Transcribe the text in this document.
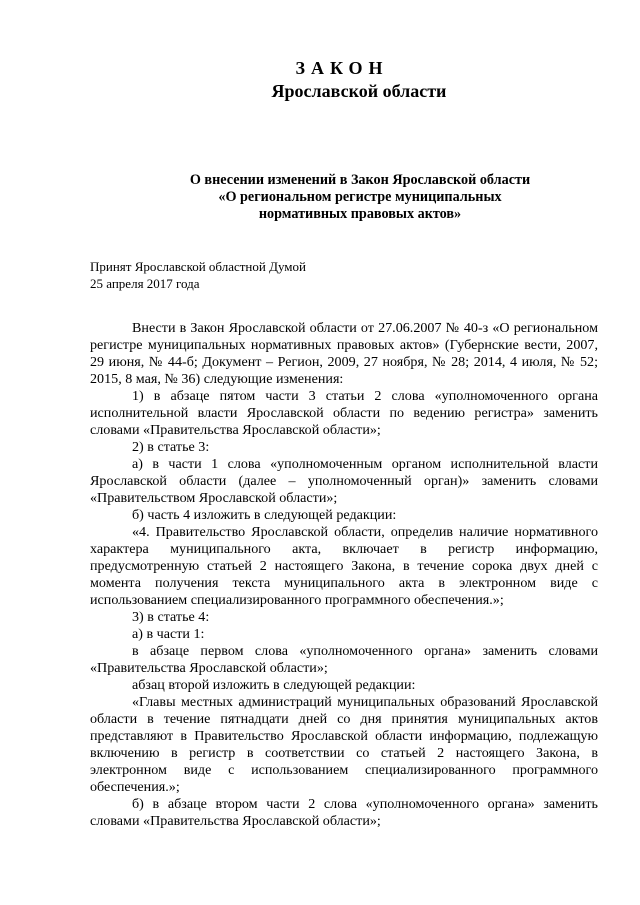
ЗАКОН
Ярославской области
О внесении изменений в Закон Ярославской области
«О региональном регистре муниципальных
нормативных правовых актов»
Принят Ярославской областной Думой
25 апреля 2017 года

Внести в Закон Ярославской области от 27.06.2007 № 40-з «О региональном регистре муниципальных нормативных правовых актов» (Губернские вести, 2007, 29 июня, № 44-б; Документ – Регион, 2009, 27 ноября, № 28; 2014, 4 июля, № 52; 2015, 8 мая, № 36) следующие изменения:

1) в абзаце пятом части 3 статьи 2 слова «уполномоченного органа исполнительной власти Ярославской области по ведению регистра» заменить словами «Правительства Ярославской области»;

2) в статье 3:

а) в части 1 слова «уполномоченным органом исполнительной власти Ярославской области (далее – уполномоченный орган)» заменить словами «Правительством Ярославской области»;

б) часть 4 изложить в следующей редакции:

«4. Правительство Ярославской области, определив наличие нормативного характера муниципального акта, включает в регистр информацию, предусмотренную статьей 2 настоящего Закона, в течение сорока двух дней с момента получения текста муниципального акта в электронном виде с использованием специализированного программного обеспечения.»;

3) в статье 4:

а) в части 1:

в абзаце первом слова «уполномоченного органа» заменить словами «Правительства Ярославской области»;

абзац второй изложить в следующей редакции:

«Главы местных администраций муниципальных образований Ярославской области в течение пятнадцати дней со дня принятия муниципальных актов представляют в Правительство Ярославской области информацию, подлежащую включению в регистр в соответствии со статьей 2 настоящего Закона, в электронном виде с использованием специализированного программного обеспечения.»;

б) в абзаце втором части 2 слова «уполномоченного органа» заменить словами «Правительства Ярославской области»;
